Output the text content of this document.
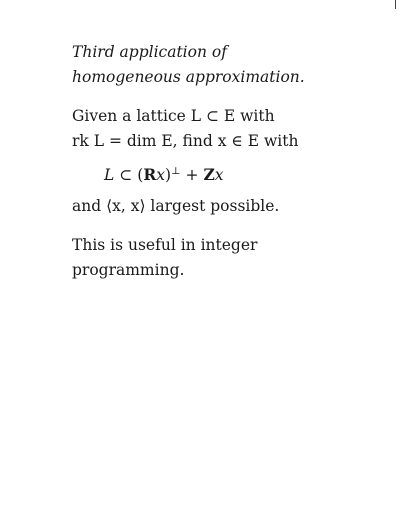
Third application of
homogeneous approximation.

Given a lattice L ⊂ E with
rk L = dim E, find x ∈ E with
L ⊂ (Rx)⊥ + Zx
and ⟨x, x⟩ largest possible.
This is useful in integer
programming.
